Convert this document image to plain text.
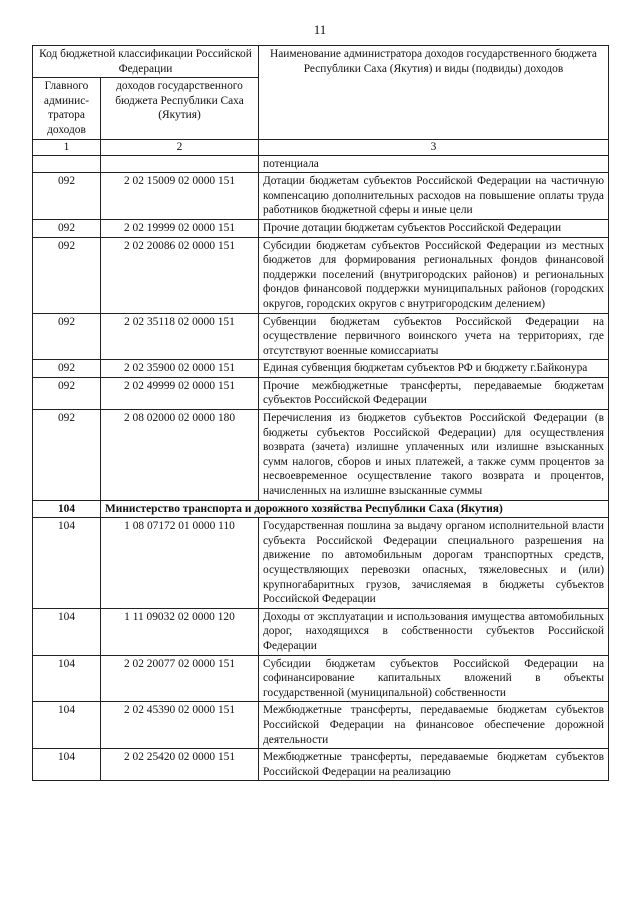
11
Код бюджетной классификации Российской Федерации		Наименование администратора доходов государственного бюджета Республики Саха (Якутия) и виды (подвиды) доходов
Главного админис-тратора доходов	доходов государственного бюджета Республики Саха (Якутия)	
1	2	3
		потенциала
092	2 02 15009 02 0000 151	Дотации бюджетам субъектов Российской Федерации на частичную компенсацию дополнительных расходов на повышение оплаты труда работников бюджетной сферы и иные цели
092	2 02 19999 02 0000 151	Прочие дотации бюджетам субъектов Российской Федерации
092	2 02 20086 02 0000 151	Субсидии бюджетам субъектов Российской Федерации из местных бюджетов для формирования региональных фондов финансовой поддержки поселений (внутригородских районов) и региональных фондов финансовой поддержки муниципальных районов (городских округов, городских округов с внутригородским делением)
092	2 02 35118 02 0000 151	Субвенции бюджетам субъектов Российской Федерации на осуществление первичного воинского учета на территориях, где отсутствуют военные комиссариаты
092	2 02 35900 02 0000 151	Единая субвенция бюджетам субъектов РФ и бюджету г.Байконура
092	2 02 49999 02 0000 151	Прочие межбюджетные трансферты, передаваемые бюджетам субъектов Российской Федерации
092	2 08 02000 02 0000 180	Перечисления из бюджетов субъектов Российской Федерации (в бюджеты субъектов Российской Федерации) для осуществления возврата (зачета) излишне уплаченных или излишне взысканных сумм налогов, сборов и иных платежей, а также сумм процентов за несвоевременное осуществление такого возврата и процентов, начисленных на излишне взысканные суммы
104	Министерство транспорта и дорожного хозяйства Республики Саха (Якутия)	
104	1 08 07172 01 0000 110	Государственная пошлина за выдачу органом исполнительной власти субъекта Российской Федерации специального разрешения на движение по автомобильным дорогам транспортных средств, осуществляющих перевозки опасных, тяжеловесных и (или) крупногабаритных грузов, зачисляемая в бюджеты субъектов Российской Федерации
104	1 11 09032 02 0000 120	Доходы от эксплуатации и использования имущества автомобильных дорог, находящихся в собственности субъектов Российской Федерации
104	2 02 20077 02 0000 151	Субсидии бюджетам субъектов Российской Федерации на софинансирование капитальных вложений в объекты государственной (муниципальной) собственности
104	2 02 45390 02 0000 151	Межбюджетные трансферты, передаваемые бюджетам субъектов Российской Федерации на финансовое обеспечение дорожной деятельности
104	2 02 25420 02 0000 151	Межбюджетные трансферты, передаваемые бюджетам субъектов Российской Федерации на реализацию
